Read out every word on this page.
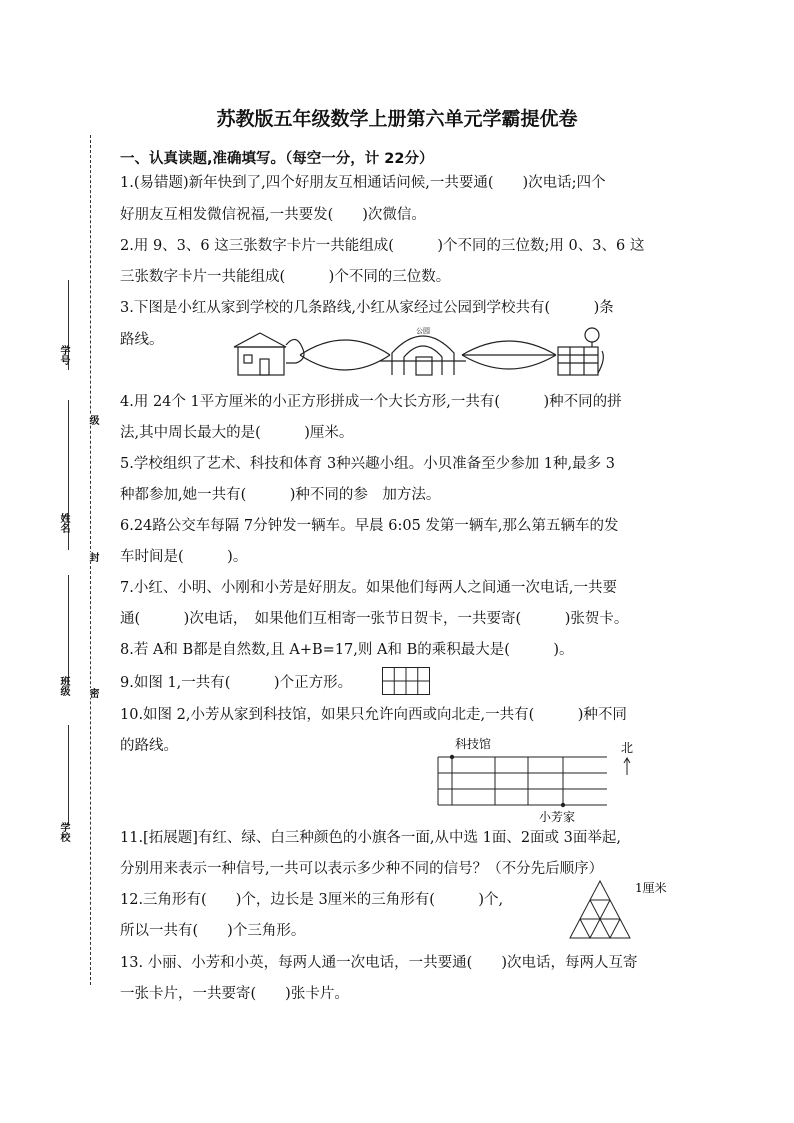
学号
姓名
班级
学校
级
封
密
苏教版五年级数学上册第六单元学霸提优卷
一、认真读题,准确填写。（每空一分，计 22分）
1.(易错题)新年快到了,四个好朋友互相通话问候,一共要通(　　)次电话;四个
好朋友互相发微信祝福,一共要发(　　)次微信。
2.用 9、3、6 这三张数字卡片一共能组成(　　　)个不同的三位数;用 0、3、6 这
三张数字卡片一共能组成(　　　)个不同的三位数。
3.下图是小红从家到学校的几条路线,小红从家经过公园到学校共有(　　　)条
路线。
公园
4.用 24个 1平方厘米的小正方形拼成一个大长方形,一共有(　　　)种不同的拼
法,其中周长最大的是(　　　)厘米。
5.学校组织了艺术、科技和体育 3种兴趣小组。小贝准备至少参加 1种,最多 3
种都参加,她一共有(　　　)种不同的参　加方法。
6.24路公交车每隔 7分钟发一辆车。早晨 6:05 发第一辆车,那么第五辆车的发
车时间是(　　　)。
7.小红、小明、小刚和小芳是好朋友。如果他们每两人之间通一次电话,一共要
通(　　　)次电话，　如果他们互相寄一张节日贺卡，一共要寄(　　　)张贺卡。
8.若 A和 B都是自然数,且 A+B=17,则 A和 B的乘积最大是(　　　)。
9.如图 1,一共有(　　　)个正方形。
10.如图 2,小芳从家到科技馆，如果只允许向西或向北走,一共有(　　　)种不同
的路线。	科技馆
小芳家
北
11.[拓展题]有红、绿、白三种颜色的小旗各一面,从中选 1面、2面或 3面举起,
分别用来表示一种信号,一共可以表示多少种不同的信号？（不分先后顺序）
12.三角形有(　　)个，边长是 3厘米的三角形有(　　　)个,
所以一共有(　　)个三角形。
1厘米
13. 小丽、小芳和小英，每两人通一次电话，一共要通(　　)次电话，每两人互寄
一张卡片，一共要寄(　　)张卡片。
